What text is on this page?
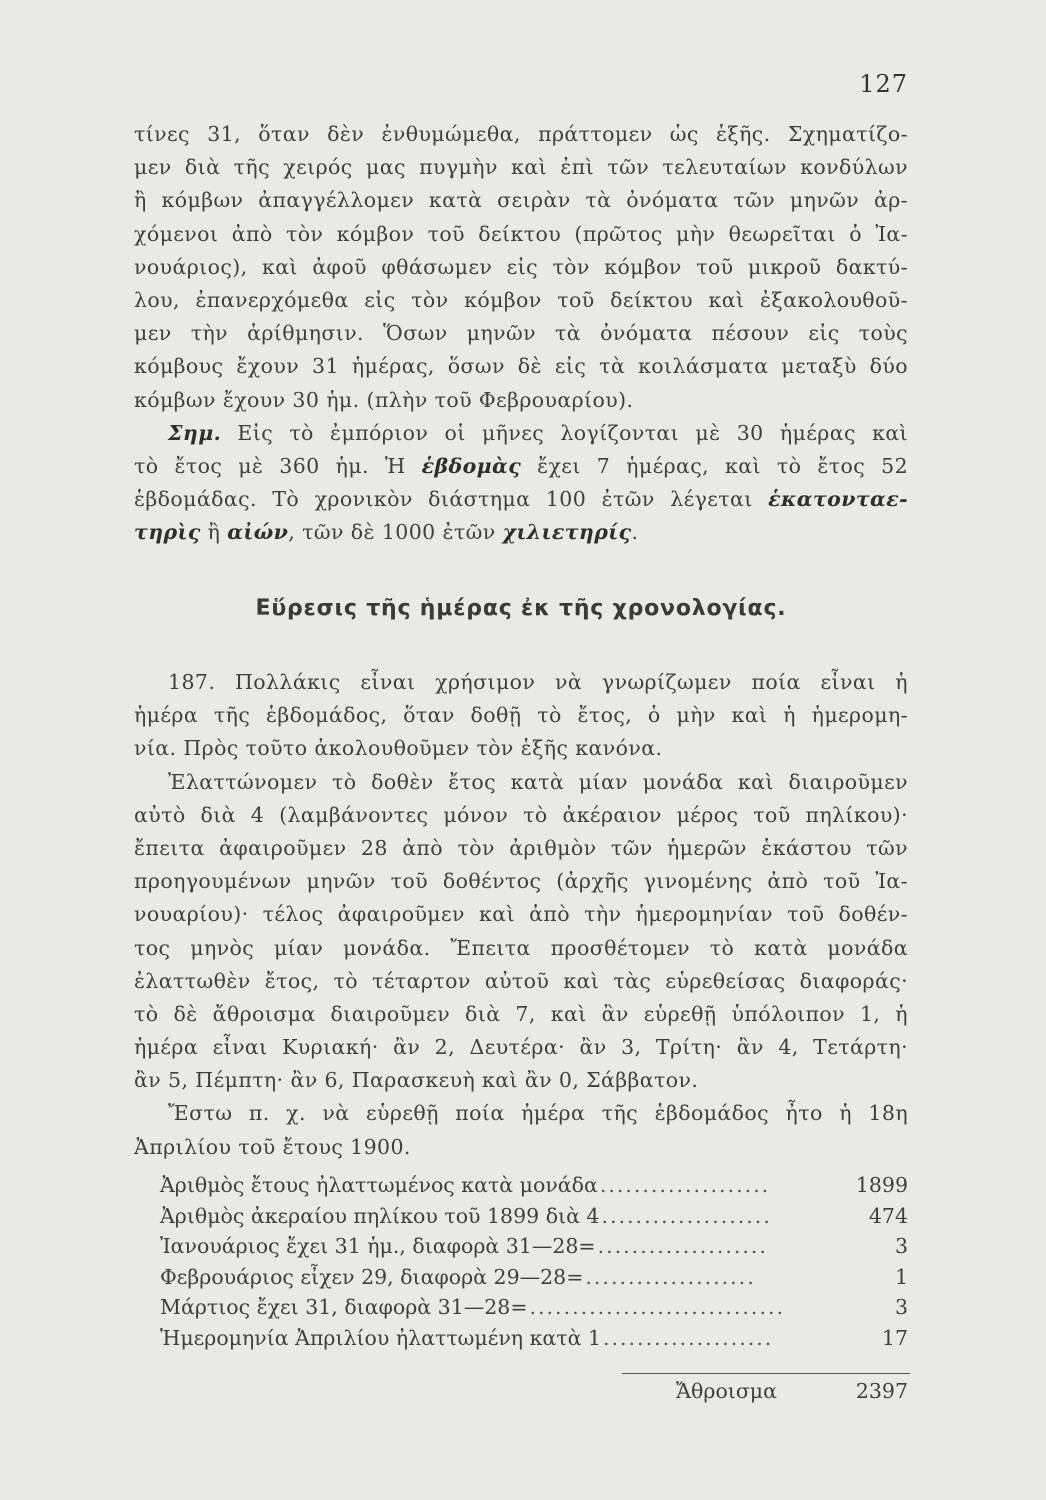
127
τίνες 31, ὅταν δὲν ἐνθυμώμεθα, πράττομεν ὡς ἑξῆς. Σχηματίζο-
μεν διὰ τῆς χειρός μας πυγμὴν καὶ ἐπὶ τῶν τελευταίων κονδύλων
ἢ κόμβων ἀπαγγέλλομεν κατὰ σειρὰν τὰ ὀνόματα τῶν μηνῶν ἀρ-
χόμενοι ἀπὸ τὸν κόμβον τοῦ δείκτου (πρῶτος μὴν θεωρεῖται ὁ Ἰα-
νουάριος), καὶ ἀφοῦ φθάσωμεν εἰς τὸν κόμβον τοῦ μικροῦ δακτύ-
λου, ἐπανερχόμεθα εἰς τὸν κόμβον τοῦ δείκτου καὶ ἐξακολουθοῦ-
μεν τὴν ἀρίθμησιν. Ὅσων μηνῶν τὰ ὀνόματα πέσουν εἰς τοὺς
κόμβους ἔχουν 31 ἡμέρας, ὅσων δὲ εἰς τὰ κοιλάσματα μεταξὺ δύο
κόμβων ἔχουν 30 ἡμ. (πλὴν τοῦ Φεβρουαρίου).
Σημ. Εἰς τὸ ἐμπόριον οἱ μῆνες λογίζονται μὲ 30 ἡμέρας καὶ
τὸ ἔτος μὲ 360 ἡμ. Ἡ ἑβδομὰς ἔχει 7 ἡμέρας, καὶ τὸ ἔτος 52
ἑβδομάδας. Τὸ χρονικὸν διάστημα 100 ἐτῶν λέγεται ἑκατονταε-
τηρὶς ἢ αἰών, τῶν δὲ 1000 ἐτῶν χιλιετηρίς.
Εὕρεσις τῆς ἡμέρας ἐκ τῆς χρονολογίας.
187. Πολλάκις εἶναι χρήσιμον νὰ γνωρίζωμεν ποία εἶναι ἡ
ἡμέρα τῆς ἑβδομάδος, ὅταν δοθῇ τὸ ἔτος, ὁ μὴν καὶ ἡ ἡμερομη-
νία. Πρὸς τοῦτο ἀκολουθοῦμεν τὸν ἑξῆς κανόνα.
Ἐλαττώνομεν τὸ δοθὲν ἔτος κατὰ μίαν μονάδα καὶ διαιροῦμεν
αὐτὸ διὰ 4 (λαμβάνοντες μόνον τὸ ἀκέραιον μέρος τοῦ πηλίκου)·
ἔπειτα ἀφαιροῦμεν 28 ἀπὸ τὸν ἀριθμὸν τῶν ἡμερῶν ἑκάστου τῶν
προηγουμένων μηνῶν τοῦ δοθέντος (ἀρχῆς γινομένης ἀπὸ τοῦ Ἰα-
νουαρίου)· τέλος ἀφαιροῦμεν καὶ ἀπὸ τὴν ἡμερομηνίαν τοῦ δοθέν-
τος μηνὸς μίαν μονάδα. Ἔπειτα προσθέτομεν τὸ κατὰ μονάδα
ἐλαττωθὲν ἔτος, τὸ τέταρτον αὐτοῦ καὶ τὰς εὑρεθείσας διαφοράς·
τὸ δὲ ἄθροισμα διαιροῦμεν διὰ 7, καὶ ἂν εὑρεθῇ ὑπόλοιπον 1, ἡ
ἡμέρα εἶναι Κυριακή· ἂν 2, Δευτέρα· ἂν 3, Τρίτη· ἂν 4, Τετάρτη·
ἂν 5, Πέμπτη· ἂν 6, Παρασκευὴ καὶ ἂν 0, Σάββατον.
Ἔστω π. χ. νὰ εὑρεθῇ ποία ἡμέρα τῆς ἑβδομάδος ἦτο ἡ 18η
Ἀπριλίου τοῦ ἔτους 1900.
Ἀριθμὸς ἔτους ἠλαττωμένος κατὰ μονάδα ....................	1899
Ἀριθμὸς ἀκεραίου πηλίκου τοῦ 1899 διὰ 4 ....................	474
Ἰανουάριος ἔχει 31 ἡμ., διαφορὰ 31—28= ....................	3
Φεβρουάριος εἶχεν 29, διαφορὰ 29—28= ....................	1
Μάρτιος ἔχει 31, διαφορὰ 31—28= ..............................	3
Ἡμερομηνία Ἀπριλίου ἠλαττωμένη κατὰ 1 ....................	17
Ἄθροισμα	2397
